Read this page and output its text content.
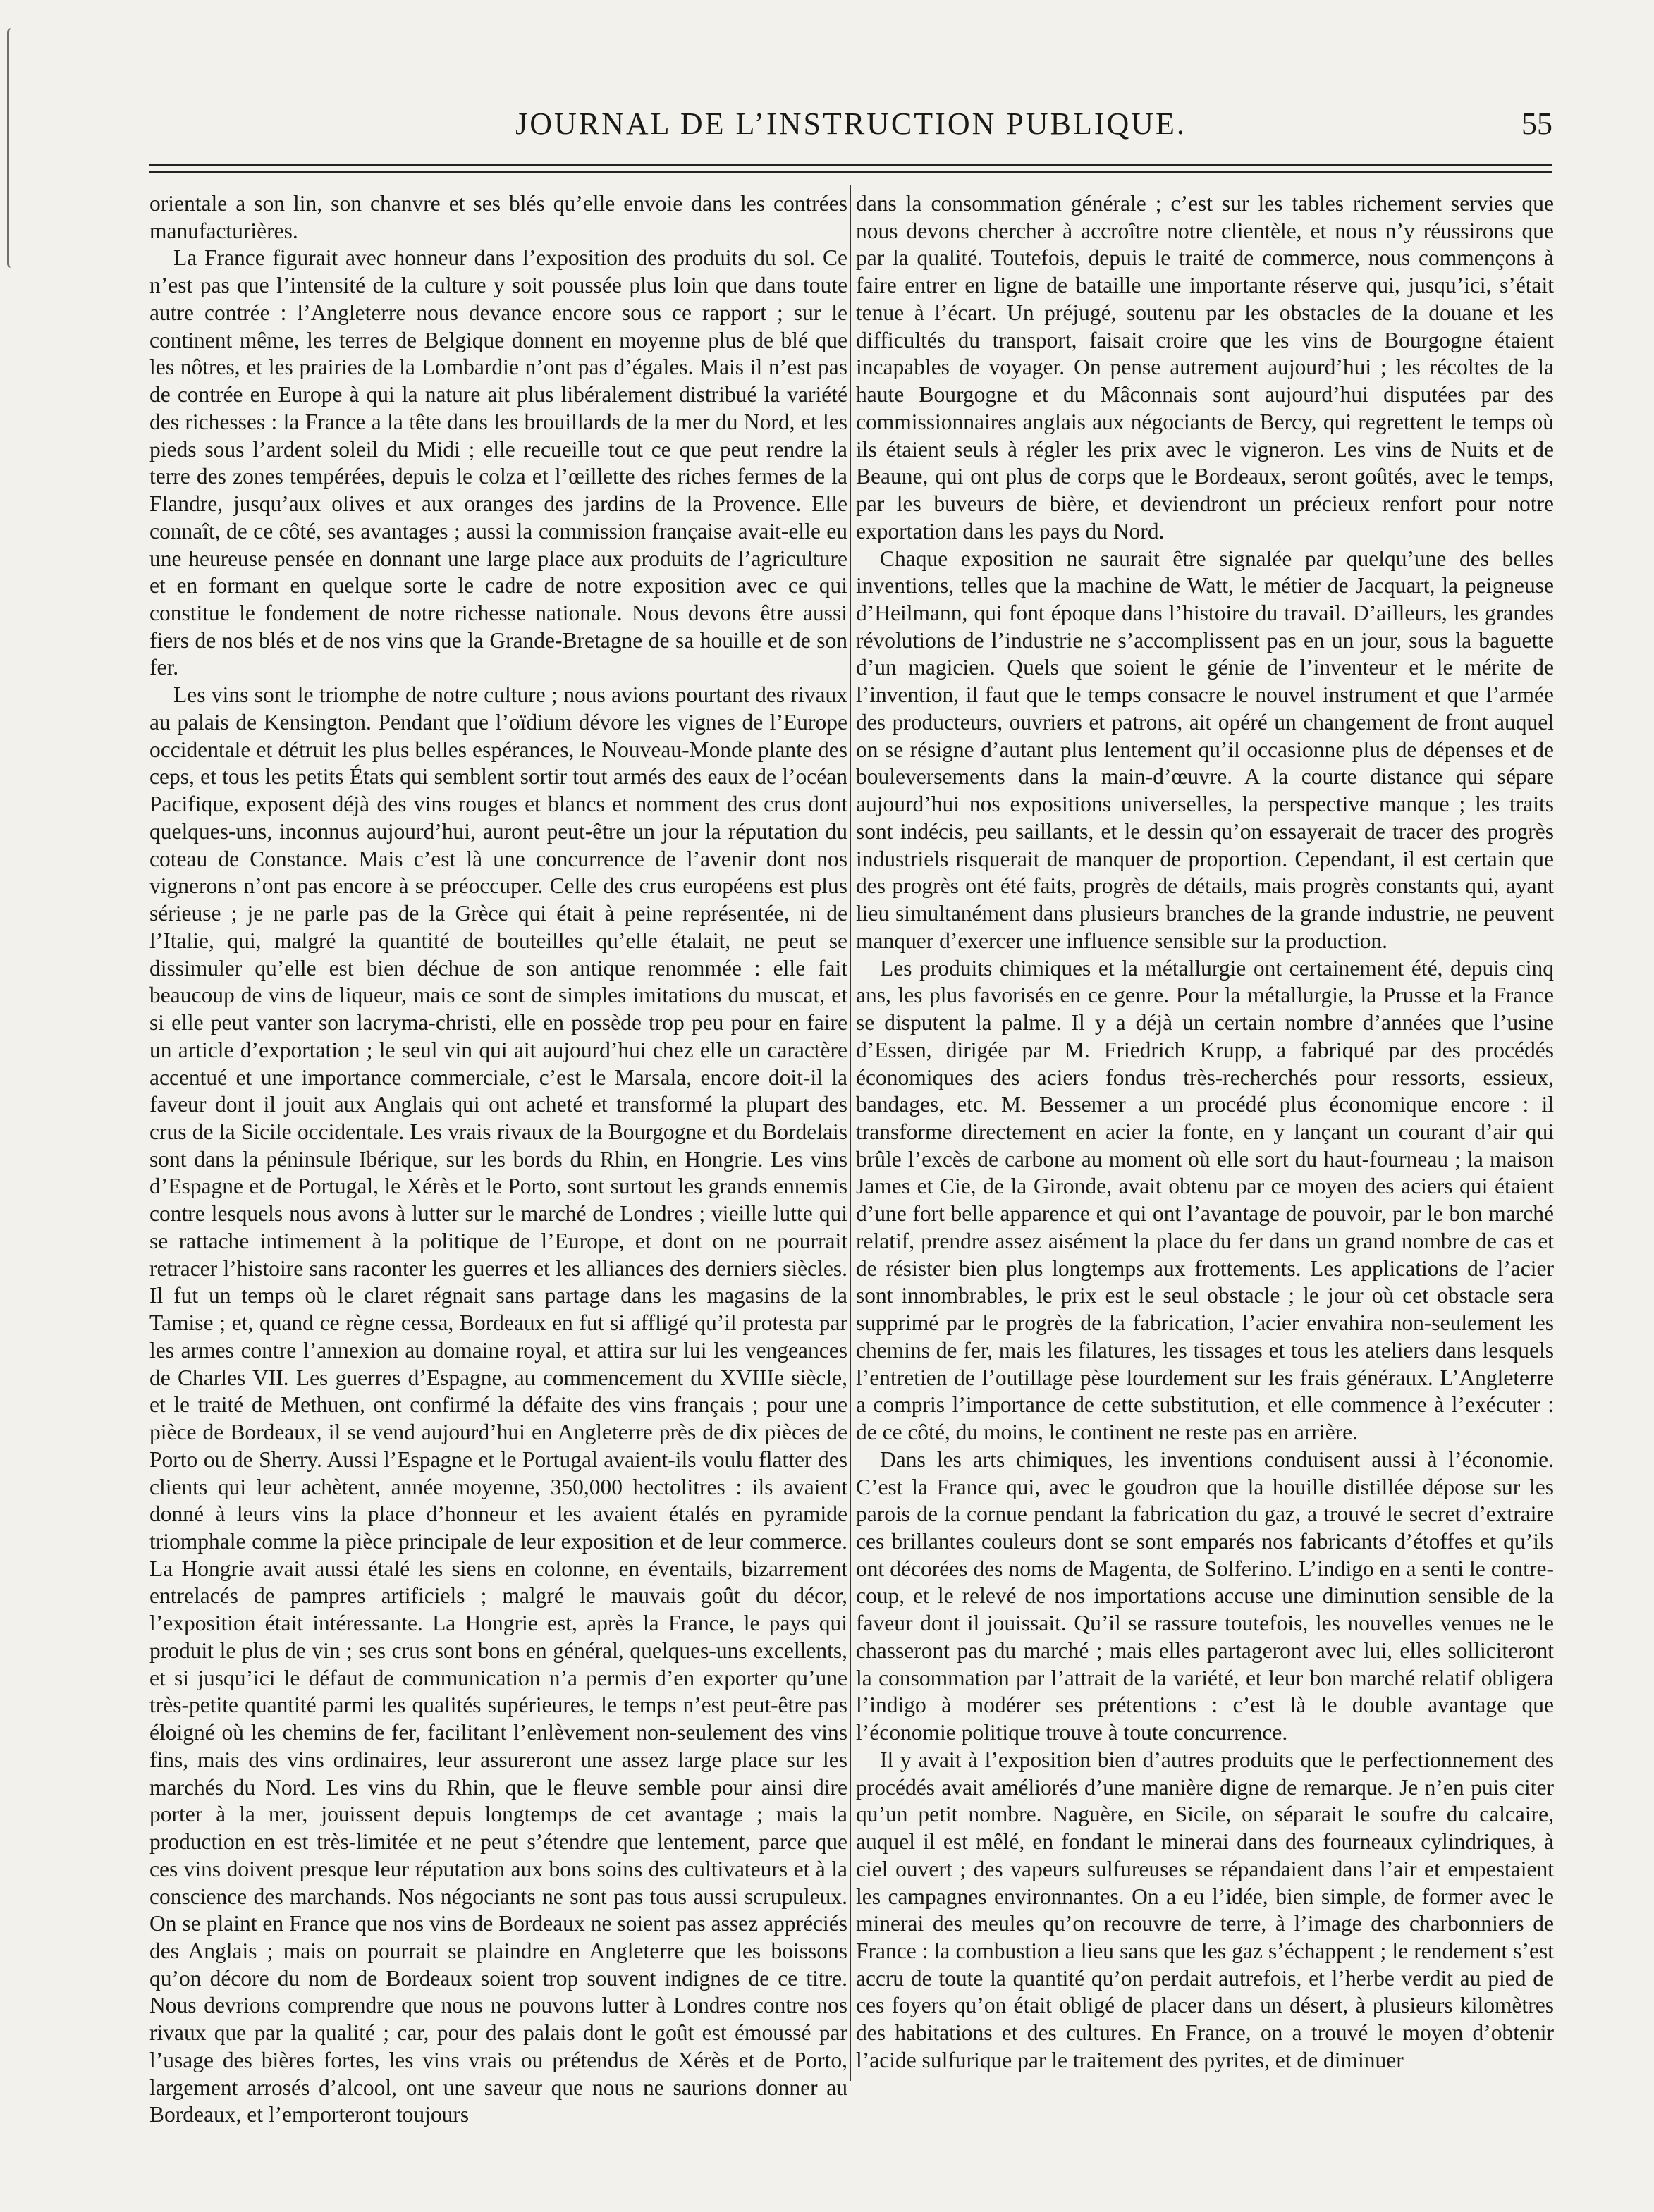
JOURNAL DE L’INSTRUCTION PUBLIQUE.	55

orientale a son lin, son chanvre et ses blés qu’elle envoie dans les contrées manufacturières.

La France figurait avec honneur dans l’exposition des produits du sol. Ce n’est pas que l’intensité de la culture y soit poussée plus loin que dans toute autre contrée : l’Angleterre nous devance encore sous ce rapport ; sur le continent même, les terres de Belgique donnent en moyenne plus de blé que les nôtres, et les prairies de la Lombardie n’ont pas d’égales. Mais il n’est pas de contrée en Europe à qui la nature ait plus libéralement distribué la variété des richesses : la France a la tête dans les brouillards de la mer du Nord, et les pieds sous l’ardent soleil du Midi ; elle recueille tout ce que peut rendre la terre des zones tempérées, depuis le colza et l’œillette des riches fermes de la Flandre, jusqu’aux olives et aux oranges des jardins de la Provence. Elle connaît, de ce côté, ses avantages ; aussi la commission française avait-elle eu une heureuse pensée en donnant une large place aux produits de l’agriculture et en formant en quelque sorte le cadre de notre exposition avec ce qui constitue le fondement de notre richesse nationale. Nous devons être aussi fiers de nos blés et de nos vins que la Grande-Bretagne de sa houille et de son fer.

Les vins sont le triomphe de notre culture ; nous avions pourtant des rivaux au palais de Kensington. Pendant que l’oïdium dévore les vignes de l’Europe occidentale et détruit les plus belles espérances, le Nouveau-Monde plante des ceps, et tous les petits États qui semblent sortir tout armés des eaux de l’océan Pacifique, exposent déjà des vins rouges et blancs et nomment des crus dont quelques-uns, inconnus aujourd’hui, auront peut-être un jour la réputation du coteau de Constance. Mais c’est là une concurrence de l’avenir dont nos vignerons n’ont pas encore à se préoccuper. Celle des crus européens est plus sérieuse ; je ne parle pas de la Grèce qui était à peine représentée, ni de l’Italie, qui, malgré la quantité de bouteilles qu’elle étalait, ne peut se dissimuler qu’elle est bien déchue de son antique renommée : elle fait beaucoup de vins de liqueur, mais ce sont de simples imitations du muscat, et si elle peut vanter son lacryma-christi, elle en possède trop peu pour en faire un article d’exportation ; le seul vin qui ait aujourd’hui chez elle un caractère accentué et une importance commerciale, c’est le Marsala, encore doit-il la faveur dont il jouit aux Anglais qui ont acheté et transformé la plupart des crus de la Sicile occidentale. Les vrais rivaux de la Bourgogne et du Bordelais sont dans la péninsule Ibérique, sur les bords du Rhin, en Hongrie. Les vins d’Espagne et de Portugal, le Xérès et le Porto, sont surtout les grands ennemis contre lesquels nous avons à lutter sur le marché de Londres ; vieille lutte qui se rattache intimement à la politique de l’Europe, et dont on ne pourrait retracer l’histoire sans raconter les guerres et les alliances des derniers siècles. Il fut un temps où le claret régnait sans partage dans les magasins de la Tamise ; et, quand ce règne cessa, Bordeaux en fut si affligé qu’il protesta par les armes contre l’annexion au domaine royal, et attira sur lui les vengeances de Charles VII. Les guerres d’Espagne, au commencement du XVIIIe siècle, et le traité de Methuen, ont confirmé la défaite des vins français ; pour une pièce de Bordeaux, il se vend aujourd’hui en Angleterre près de dix pièces de Porto ou de Sherry. Aussi l’Espagne et le Portugal avaient-ils voulu flatter des clients qui leur achètent, année moyenne, 350,000 hectolitres : ils avaient donné à leurs vins la place d’honneur et les avaient étalés en pyramide triomphale comme la pièce principale de leur exposition et de leur commerce. La Hongrie avait aussi étalé les siens en colonne, en éventails, bizarrement entrelacés de pampres artificiels ; malgré le mauvais goût du décor, l’exposition était intéressante. La Hongrie est, après la France, le pays qui produit le plus de vin ; ses crus sont bons en général, quelques-uns excellents, et si jusqu’ici le défaut de communication n’a permis d’en exporter qu’une très-petite quantité parmi les qualités supérieures, le temps n’est peut-être pas éloigné où les chemins de fer, facilitant l’enlèvement non-seulement des vins fins, mais des vins ordinaires, leur assureront une assez large place sur les marchés du Nord. Les vins du Rhin, que le fleuve semble pour ainsi dire porter à la mer, jouissent depuis longtemps de cet avantage ; mais la production en est très-limitée et ne peut s’étendre que lentement, parce que ces vins doivent presque leur réputation aux bons soins des cultivateurs et à la conscience des marchands. Nos négociants ne sont pas tous aussi scrupuleux. On se plaint en France que nos vins de Bordeaux ne soient pas assez appréciés des Anglais ; mais on pourrait se plaindre en Angleterre que les boissons qu’on décore du nom de Bordeaux soient trop souvent indignes de ce titre. Nous devrions comprendre que nous ne pouvons lutter à Londres contre nos rivaux que par la qualité ; car, pour des palais dont le goût est émoussé par l’usage des bières fortes, les vins vrais ou prétendus de Xérès et de Porto, largement arrosés d’alcool, ont une saveur que nous ne saurions donner au Bordeaux, et l’emporteront toujours

dans la consommation générale ; c’est sur les tables richement servies que nous devons chercher à accroître notre clientèle, et nous n’y réussirons que par la qualité. Toutefois, depuis le traité de commerce, nous commençons à faire entrer en ligne de bataille une importante réserve qui, jusqu’ici, s’était tenue à l’écart. Un préjugé, soutenu par les obstacles de la douane et les difficultés du transport, faisait croire que les vins de Bourgogne étaient incapables de voyager. On pense autrement aujourd’hui ; les récoltes de la haute Bourgogne et du Mâconnais sont aujourd’hui disputées par des commissionnaires anglais aux négociants de Bercy, qui regrettent le temps où ils étaient seuls à régler les prix avec le vigneron. Les vins de Nuits et de Beaune, qui ont plus de corps que le Bordeaux, seront goûtés, avec le temps, par les buveurs de bière, et deviendront un précieux renfort pour notre exportation dans les pays du Nord.

Chaque exposition ne saurait être signalée par quelqu’une des belles inventions, telles que la machine de Watt, le métier de Jacquart, la peigneuse d’Heilmann, qui font époque dans l’histoire du travail. D’ailleurs, les grandes révolutions de l’industrie ne s’accomplissent pas en un jour, sous la baguette d’un magicien. Quels que soient le génie de l’inventeur et le mérite de l’invention, il faut que le temps consacre le nouvel instrument et que l’armée des producteurs, ouvriers et patrons, ait opéré un changement de front auquel on se résigne d’autant plus lentement qu’il occasionne plus de dépenses et de bouleversements dans la main-d’œuvre. A la courte distance qui sépare aujourd’hui nos expositions universelles, la perspective manque ; les traits sont indécis, peu saillants, et le dessin qu’on essayerait de tracer des progrès industriels risquerait de manquer de proportion. Cependant, il est certain que des progrès ont été faits, progrès de détails, mais progrès constants qui, ayant lieu simultanément dans plusieurs branches de la grande industrie, ne peuvent manquer d’exercer une influence sensible sur la production.

Les produits chimiques et la métallurgie ont certainement été, depuis cinq ans, les plus favorisés en ce genre. Pour la métallurgie, la Prusse et la France se disputent la palme. Il y a déjà un certain nombre d’années que l’usine d’Essen, dirigée par M. Friedrich Krupp, a fabriqué par des procédés économiques des aciers fondus très-recherchés pour ressorts, essieux, bandages, etc. M. Bessemer a un procédé plus économique encore : il transforme directement en acier la fonte, en y lançant un courant d’air qui brûle l’excès de carbone au moment où elle sort du haut-fourneau ; la maison James et Cie, de la Gironde, avait obtenu par ce moyen des aciers qui étaient d’une fort belle apparence et qui ont l’avantage de pouvoir, par le bon marché relatif, prendre assez aisément la place du fer dans un grand nombre de cas et de résister bien plus longtemps aux frottements. Les applications de l’acier sont innombrables, le prix est le seul obstacle ; le jour où cet obstacle sera supprimé par le progrès de la fabrication, l’acier envahira non-seulement les chemins de fer, mais les filatures, les tissages et tous les ateliers dans lesquels l’entretien de l’outillage pèse lourdement sur les frais généraux. L’Angleterre a compris l’importance de cette substitution, et elle commence à l’exécuter : de ce côté, du moins, le continent ne reste pas en arrière.

Dans les arts chimiques, les inventions conduisent aussi à l’économie. C’est la France qui, avec le goudron que la houille distillée dépose sur les parois de la cornue pendant la fabrication du gaz, a trouvé le secret d’extraire ces brillantes couleurs dont se sont emparés nos fabricants d’étoffes et qu’ils ont décorées des noms de Magenta, de Solferino. L’indigo en a senti le contre-coup, et le relevé de nos importations accuse une diminution sensible de la faveur dont il jouissait. Qu’il se rassure toutefois, les nouvelles venues ne le chasseront pas du marché ; mais elles partageront avec lui, elles solliciteront la consommation par l’attrait de la variété, et leur bon marché relatif obligera l’indigo à modérer ses prétentions : c’est là le double avantage que l’économie politique trouve à toute concurrence.

Il y avait à l’exposition bien d’autres produits que le perfectionnement des procédés avait améliorés d’une manière digne de remarque. Je n’en puis citer qu’un petit nombre. Naguère, en Sicile, on séparait le soufre du calcaire, auquel il est mêlé, en fondant le minerai dans des fourneaux cylindriques, à ciel ouvert ; des vapeurs sulfureuses se répandaient dans l’air et empestaient les campagnes environnantes. On a eu l’idée, bien simple, de former avec le minerai des meules qu’on recouvre de terre, à l’image des charbonniers de France : la combustion a lieu sans que les gaz s’échappent ; le rendement s’est accru de toute la quantité qu’on perdait autrefois, et l’herbe verdit au pied de ces foyers qu’on était obligé de placer dans un désert, à plusieurs kilomètres des habitations et des cultures. En France, on a trouvé le moyen d’obtenir l’acide sulfurique par le traitement des pyrites, et de diminuer
